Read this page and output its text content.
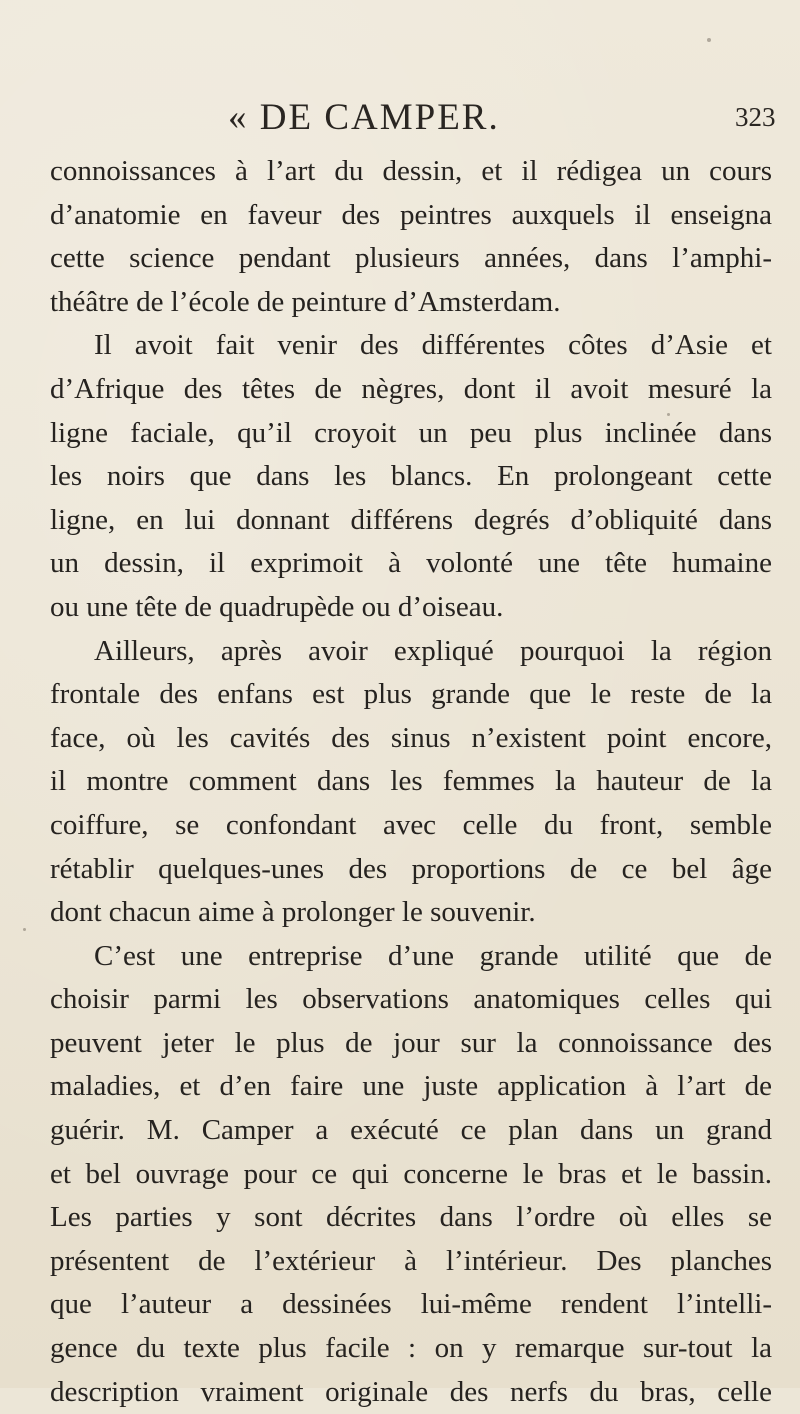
« DE CAMPER.	323
connoissances à l’art du dessin, et il rédigea un cours
d’anatomie en faveur des peintres auxquels il enseigna
cette science pendant plusieurs années, dans l’amphi-
théâtre de l’école de peinture d’Amsterdam.
Il avoit fait venir des différentes côtes d’Asie et
d’Afrique des têtes de nègres, dont il avoit mesuré la
ligne faciale, qu’il croyoit un peu plus inclinée dans
les noirs que dans les blancs. En prolongeant cette
ligne, en lui donnant différens degrés d’obliquité dans
un dessin, il exprimoit à volonté une tête humaine
ou une tête de quadrupède ou d’oiseau.
Ailleurs, après avoir expliqué pourquoi la région
frontale des enfans est plus grande que le reste de la
face, où les cavités des sinus n’existent point encore,
il montre comment dans les femmes la hauteur de la
coiffure, se confondant avec celle du front, semble
rétablir quelques-unes des proportions de ce bel âge
dont chacun aime à prolonger le souvenir.
C’est une entreprise d’une grande utilité que de
choisir parmi les observations anatomiques celles qui
peuvent jeter le plus de jour sur la connoissance des
maladies, et d’en faire une juste application à l’art de
guérir. M. Camper a exécuté ce plan dans un grand
et bel ouvrage pour ce qui concerne le bras et le bassin.
Les parties y sont décrites dans l’ordre où elles se
présentent de l’extérieur à l’intérieur. Des planches
que l’auteur a dessinées lui-même rendent l’intelli-
gence du texte plus facile : on y remarque sur-tout la
description vraiment originale des nerfs du bras, celle
